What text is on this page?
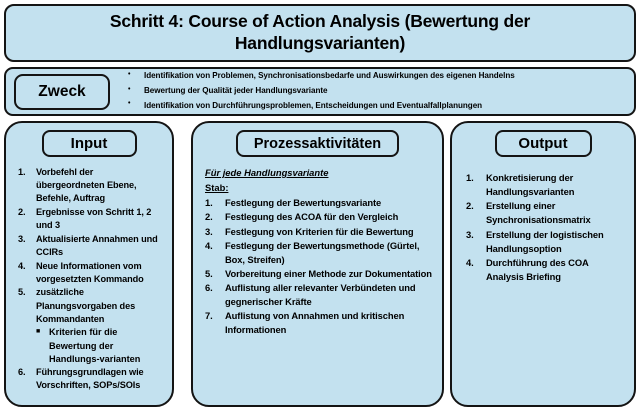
Schritt 4: Course of Action Analysis (Bewertung der Handlungsvarianten)
Zweck
• Identifikation von Problemen, Synchronisationsbedarfe und Auswirkungen des eigenen Handelns
• Bewertung der Qualität jeder Handlungsvariante
• Identifikation von Durchführungsproblemen, Entscheidungen und Eventualfallplanungen
Input
1.	Vorbefehl der übergeordneten Ebene, Befehle, Auftrag
2.	Ergebnisse von Schritt 1, 2 und 3
3.	Aktualisierte Annahmen und CCIRs
4.	Neue Informationen vom vorgesetzten Kommando
5.	zusätzliche Planungsvorgaben des Kommandanten
■ Kriterien für die Bewertung der Handlungs-varianten
6.	Führungsgrundlagen wie Vorschriften, SOPs/SOIs
Prozessaktivitäten
Für jede Handlungsvariante
Stab:
1.	Festlegung der Bewertungsvariante
2.	Festlegung des ACOA für den Vergleich
3.	Festlegung von Kriterien für die Bewertung
4.	Festlegung der Bewertungsmethode (Gürtel, Box, Streifen)
5.	Vorbereitung einer Methode zur Dokumentation
6.	Auflistung aller relevanter Verbündeten und gegnerischer Kräfte
7.	Auflistung von Annahmen und kritischen Informationen
Output
1.	Konkretisierung der Handlungsvarianten
2.	Erstellung einer Synchronisationsmatrix
3.	Erstellung der logistischen Handlungsoption
4.	Durchführung des COA Analysis Briefing
